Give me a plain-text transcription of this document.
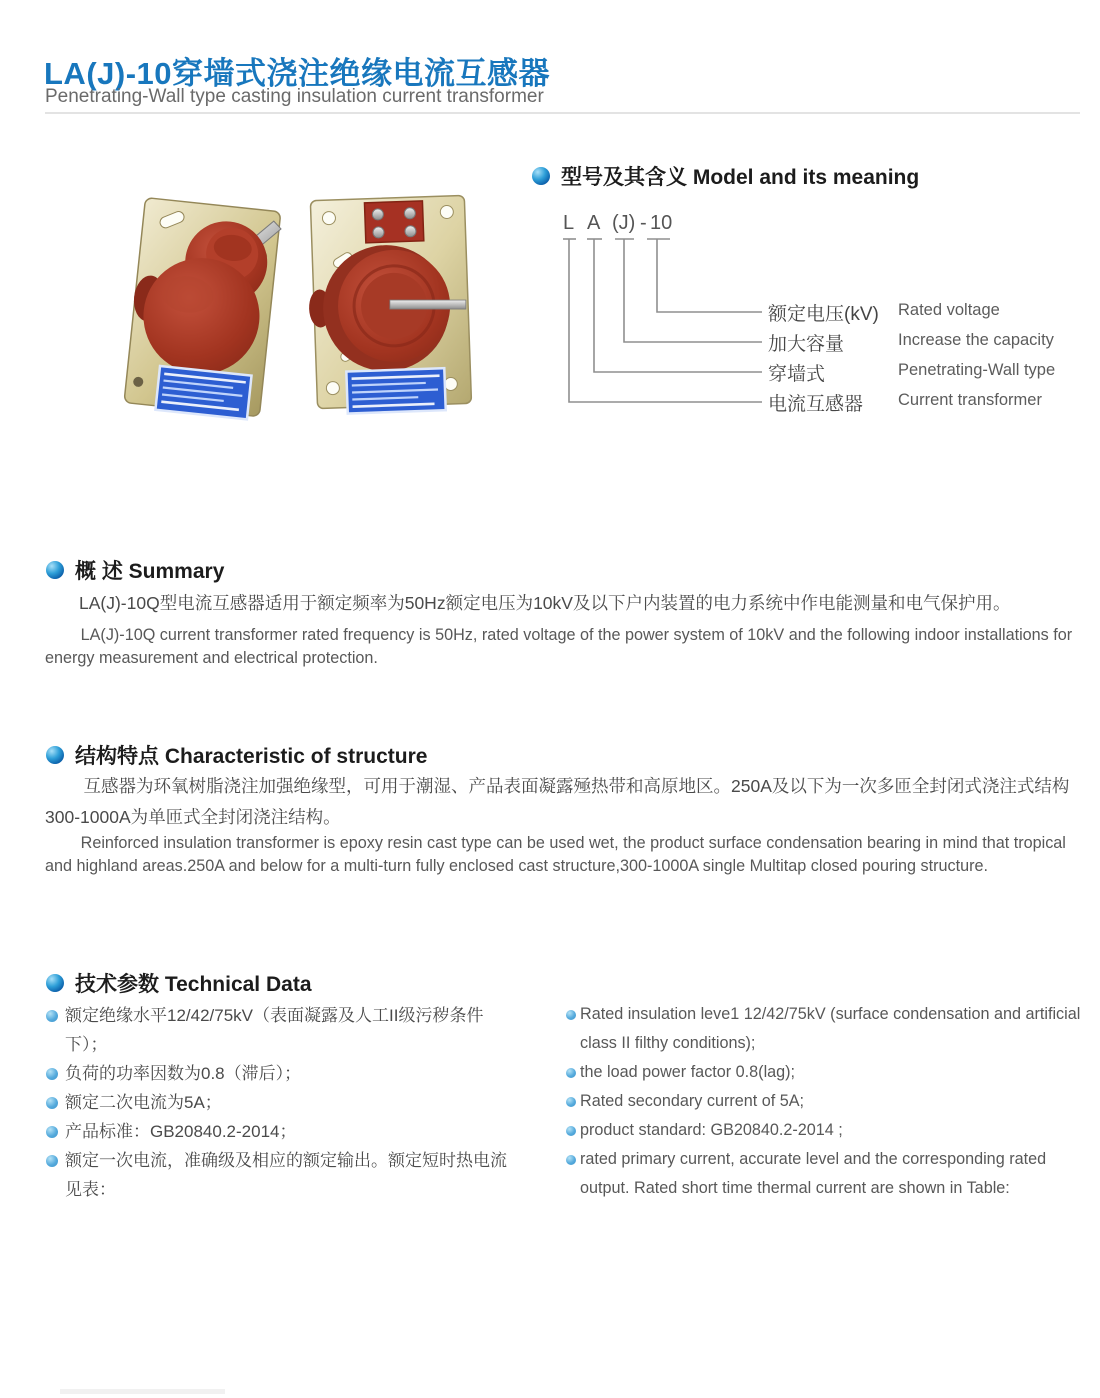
LA(J)-10穿墙式浇注绝缘电流互感器
Penetrating-Wall type casting insulation current transformer
型号及其含义 Model and its meaning
L A (J) - 10
额定电压(kV)
加大容量
穿墙式
电流互感器
Rated voltage
Increase the capacity
Penetrating-Wall type
Current transformer
概 述 Summary
LA(J)-10Q型电流互感器适用于额定频率为50Hz额定电压为10kV及以下户内装置的电力系统中作电能测量和电气保护用。
LA(J)-10Q current transformer rated frequency is 50Hz, rated voltage of the power system of 10kV and the following indoor installations for energy measurement and electrical protection.
结构特点 Characteristic of structure
互感器为环氧树脂浇注加强绝缘型，可用于潮湿、产品表面凝露殛热带和高原地区。250A及以下为一次多匝全封闭式浇注式结构300-1000A为单匝式全封闭浇注结构。
Reinforced insulation transformer is epoxy resin cast type can be used wet, the product surface condensation bearing in mind that tropical and highland areas.250A and below for a multi-turn fully enclosed cast structure,300-1000A single Multitap closed pouring structure.
技术参数 Technical Data
额定绝缘水平12/42/75kV（表面凝露及人工II级污秽条件下）；
负荷的功率因数为0.8（滞后）；
额定二次电流为5A；
产品标准：GB20840.2-2014；
额定一次电流，准确级及相应的额定输出。额定短时热电流见表：
Rated insulation leve1 12/42/75kV (surface condensation and artificial class II filthy conditions);
the load power factor 0.8(lag);
Rated secondary current of 5A;
product standard: GB20840.2-2014 ;
rated primary current, accurate level and the corresponding rated output. Rated short time thermal current are shown in Table:
